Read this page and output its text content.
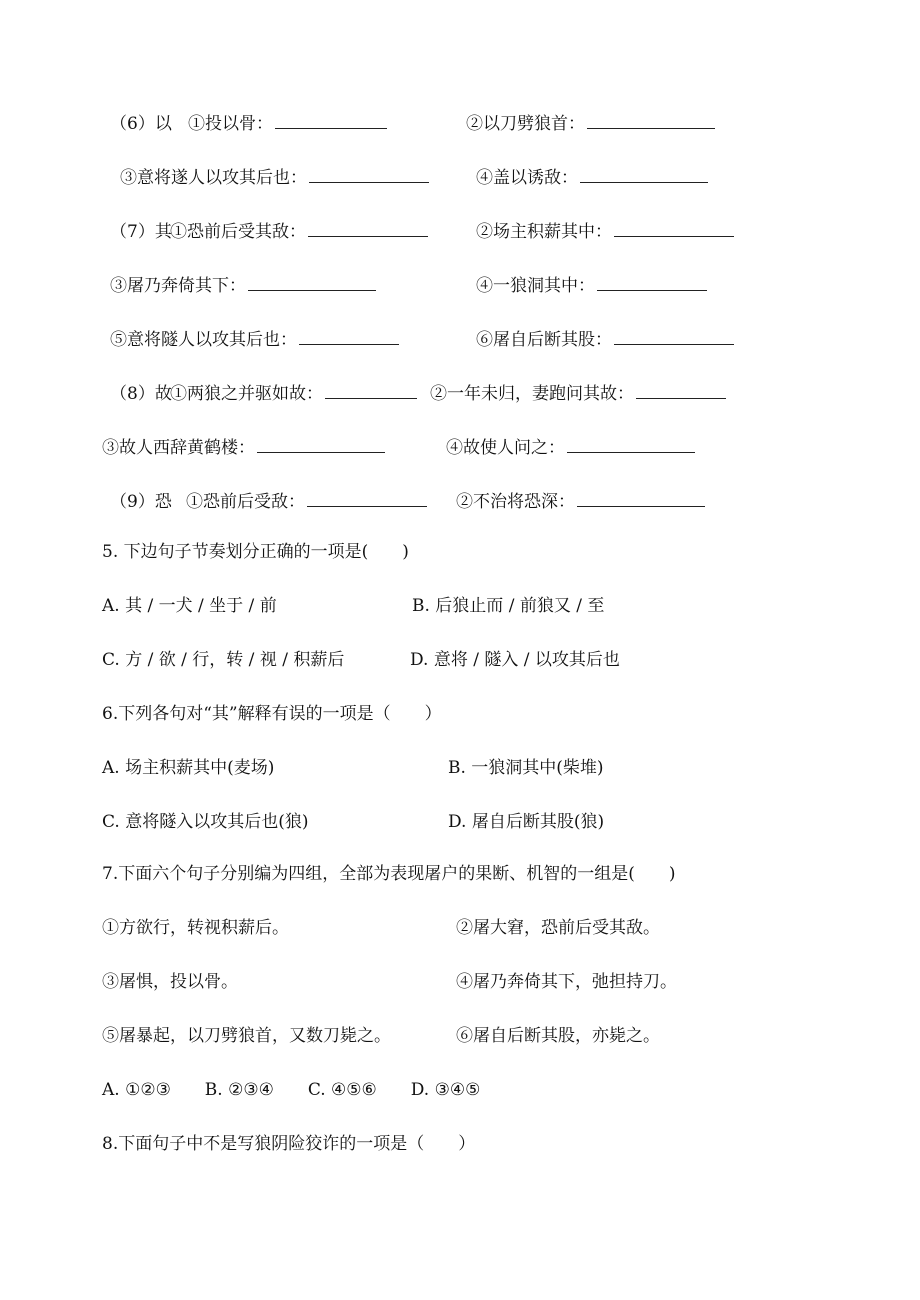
（6）以 ①投以骨：	②以刀劈狼首：
③意将遂人以攻其后也：	④盖以诱敌：
（7）其
①恐前后受其敌：	②场主积薪其中：
③屠乃奔倚其下：	④一狼洞其中：
⑤意将隧人以攻其后也：	⑥屠自后断其股：
（8）故
①两狼之并驱如故：	②一年未归，妻跑问其故：
③故人西辞黄鹤楼：	④故使人问之：
（9）恐 ①恐前后受敌：	②不治将恐深：
5. 下边句子节奏划分正确的一项是(　　)
A. 其 / 一犬 / 坐于 / 前	B. 后狼止而 / 前狼又 / 至
C. 方 / 欲 / 行，转 / 视 / 积薪后	D. 意将 / 隧入 / 以攻其后也
6.下列各句对“其”解释有误的一项是（　　）
A. 场主积薪其中(麦场)	B. 一狼洞其中(柴堆)
C. 意将隧入以攻其后也(狼)	D. 屠自后断其股(狼)
7.下面六个句子分别编为四组，全部为表现屠户的果断、机智的一组是(　　)
①方欲行，转视积薪后。	②屠大窘，恐前后受其敌。
③屠惧，投以骨。	④屠乃奔倚其下，弛担持刀。
⑤屠暴起，以刀劈狼首，又数刀毙之。	⑥屠自后断其股，亦毙之。
A. ①②③　　B. ②③④　　C. ④⑤⑥　　D. ③④⑤
8.下面句子中不是写狼阴险狡诈的一项是（　　）
